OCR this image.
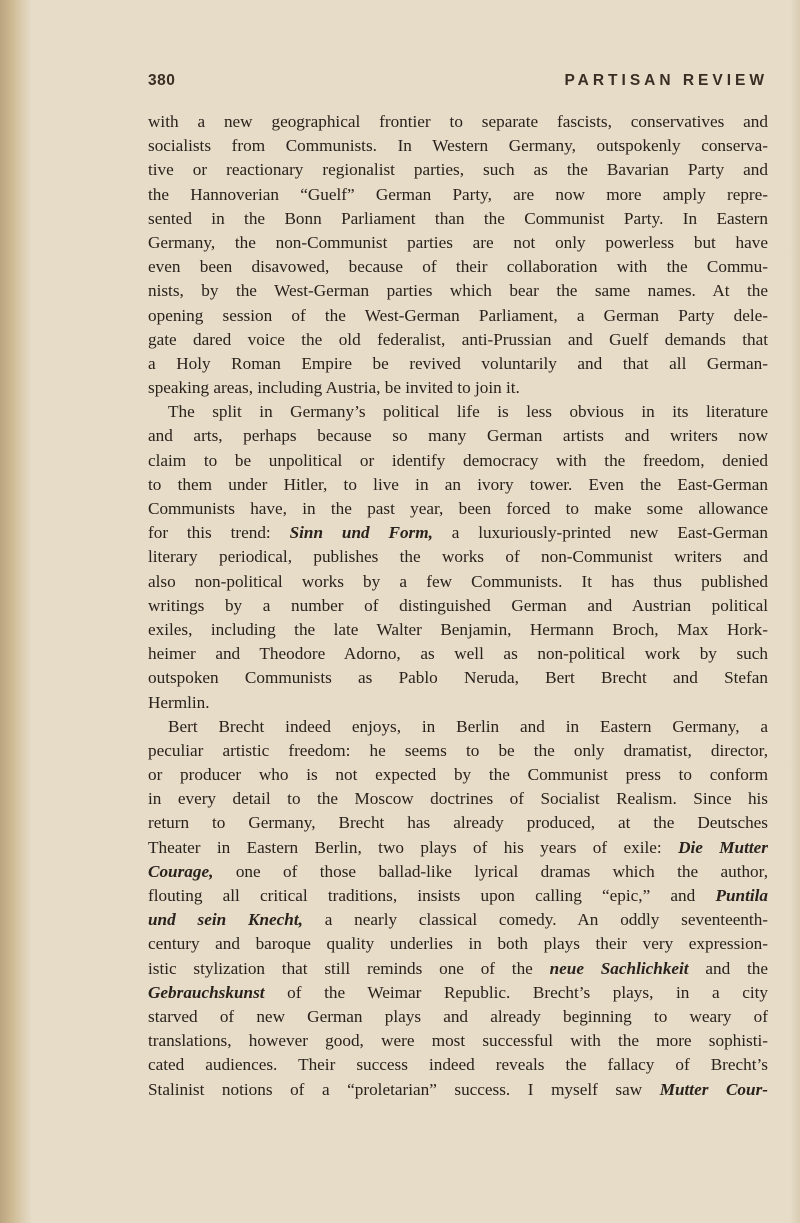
380	PARTISAN REVIEW
with a new geographical frontier to separate fascists, conservatives and
socialists from Communists. In Western Germany, outspokenly conserva-
tive or reactionary regionalist parties, such as the Bavarian Party and
the Hannoverian “Guelf” German Party, are now more amply repre-
sented in the Bonn Parliament than the Communist Party. In Eastern
Germany, the non-Communist parties are not only powerless but have
even been disavowed, because of their collaboration with the Commu-
nists, by the West-German parties which bear the same names. At the
opening session of the West-German Parliament, a German Party dele-
gate dared voice the old federalist, anti-Prussian and Guelf demands that
a Holy Roman Empire be revived voluntarily and that all German-
speaking areas, including Austria, be invited to join it.
The split in Germany’s political life is less obvious in its literature
and arts, perhaps because so many German artists and writers now
claim to be unpolitical or identify democracy with the freedom, denied
to them under Hitler, to live in an ivory tower. Even the East-German
Communists have, in the past year, been forced to make some allowance
for this trend: Sinn und Form, a luxuriously-printed new East-German
literary periodical, publishes the works of non-Communist writers and
also non-political works by a few Communists. It has thus published
writings by a number of distinguished German and Austrian political
exiles, including the late Walter Benjamin, Hermann Broch, Max Hork-
heimer and Theodore Adorno, as well as non-political work by such
outspoken Communists as Pablo Neruda, Bert Brecht and Stefan
Hermlin.
Bert Brecht indeed enjoys, in Berlin and in Eastern Germany, a
peculiar artistic freedom: he seems to be the only dramatist, director,
or producer who is not expected by the Communist press to conform
in every detail to the Moscow doctrines of Socialist Realism. Since his
return to Germany, Brecht has already produced, at the Deutsches
Theater in Eastern Berlin, two plays of his years of exile: Die Mutter
Courage, one of those ballad-like lyrical dramas which the author,
flouting all critical traditions, insists upon calling “epic,” and Puntila
und sein Knecht, a nearly classical comedy. An oddly seventeenth-
century and baroque quality underlies in both plays their very expression-
istic stylization that still reminds one of the neue Sachlichkeit and the
Gebrauchskunst of the Weimar Republic. Brecht’s plays, in a city
starved of new German plays and already beginning to weary of
translations, however good, were most successful with the more sophisti-
cated audiences. Their success indeed reveals the fallacy of Brecht’s
Stalinist notions of a “proletarian” success. I myself saw Mutter Cour-
